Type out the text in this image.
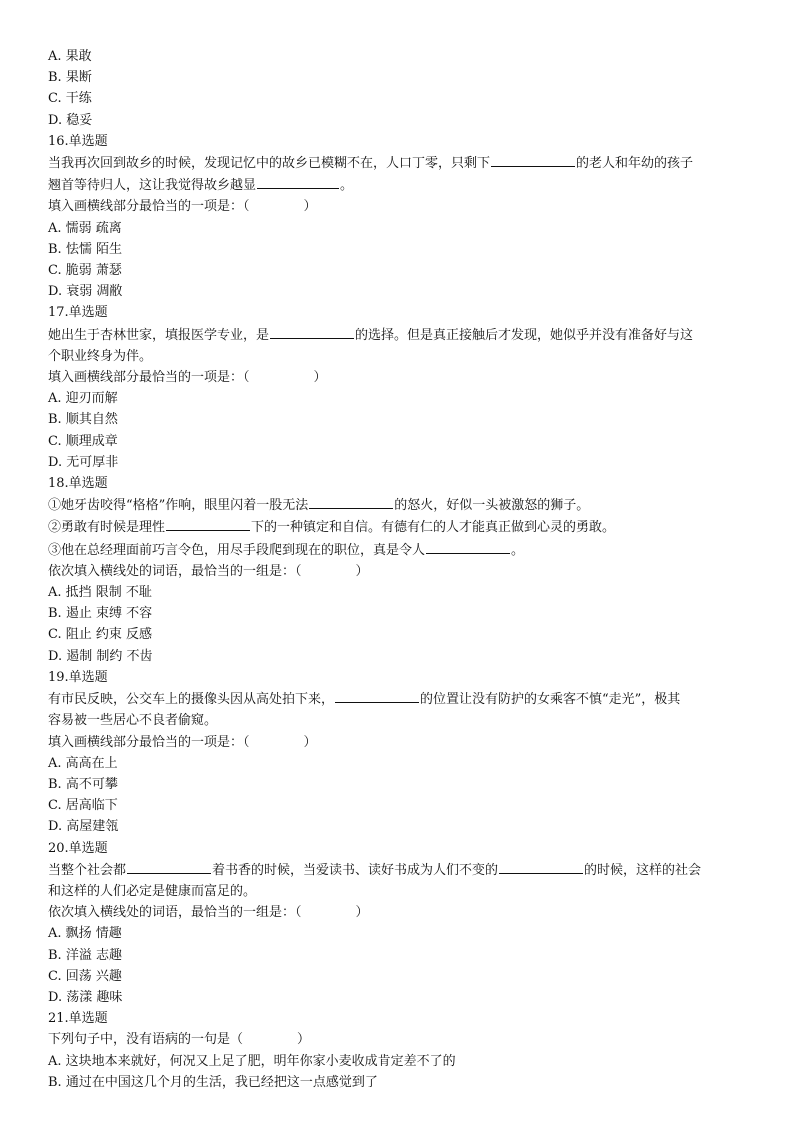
A. 果敢
B. 果断
C. 干练
D. 稳妥
16.单选题
当我再次回到故乡的时候，发现记忆中的故乡已模糊不在，人口丁零，只剩下	的老人和年幼的孩子
翘首等待归人，这让我觉得故乡越显	。
填入画横线部分最恰当的一项是：（	）
A. 懦弱 疏离
B. 怯懦 陌生
C. 脆弱 萧瑟
D. 衰弱 凋敝
17.单选题
她出生于杏林世家，填报医学专业，是	的选择。但是真正接触后才发现，她似乎并没有准备好与这
个职业终身为伴。
填入画横线部分最恰当的一项是：（	）
A. 迎刃而解
B. 顺其自然
C. 顺理成章
D. 无可厚非
18.单选题
①她牙齿咬得“格格”作响，眼里闪着一股无法	的怒火，好似一头被激怒的狮子。
②勇敢有时候是理性	下的一种镇定和自信。有德有仁的人才能真正做到心灵的勇敢。
③他在总经理面前巧言令色，用尽手段爬到现在的职位，真是令人	。
依次填入横线处的词语，最恰当的一组是：（	）
A. 抵挡 限制 不耻
B. 遏止 束缚 不容
C. 阻止 约束 反感
D. 遏制 制约 不齿
19.单选题
有市民反映，公交车上的摄像头因从高处拍下来，	的位置让没有防护的女乘客不慎“走光”，极其
容易被一些居心不良者偷窥。
填入画横线部分最恰当的一项是：（	）
A. 高高在上
B. 高不可攀
C. 居高临下
D. 高屋建瓴
20.单选题
当整个社会都	着书香的时候，当爱读书、读好书成为人们不变的	的时候，这样的社会
和这样的人们必定是健康而富足的。
依次填入横线处的词语，最恰当的一组是：（	）
A. 飘扬 情趣
B. 洋溢 志趣
C. 回荡 兴趣
D. 荡漾 趣味
21.单选题
下列句子中，没有语病的一句是（	）
A. 这块地本来就好，何况又上足了肥，明年你家小麦收成肯定差不了的
B. 通过在中国这几个月的生活，我已经把这一点感觉到了
